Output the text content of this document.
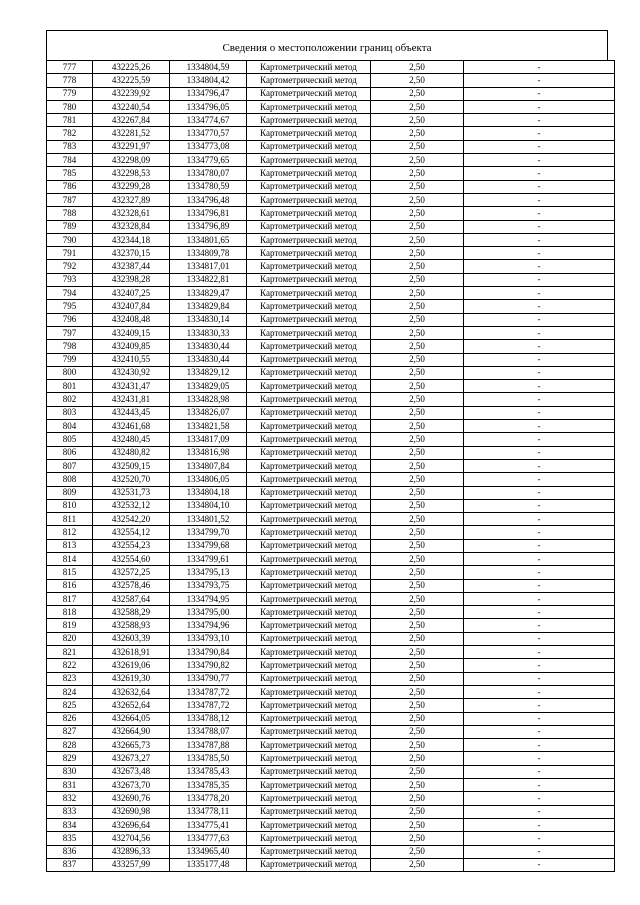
Сведения о местоположении границ объекта
777	432225,26	1334804,59	Картометрический метод	2,50	-
778	432225,59	1334804,42	Картометрический метод	2,50	-
779	432239,92	1334796,47	Картометрический метод	2,50	-
780	432240,54	1334796,05	Картометрический метод	2,50	-
781	432267,84	1334774,67	Картометрический метод	2,50	-
782	432281,52	1334770,57	Картометрический метод	2,50	-
783	432291,97	1334773,08	Картометрический метод	2,50	-
784	432298,09	1334779,65	Картометрический метод	2,50	-
785	432298,53	1334780,07	Картометрический метод	2,50	-
786	432299,28	1334780,59	Картометрический метод	2,50	-
787	432327,89	1334796,48	Картометрический метод	2,50	-
788	432328,61	1334796,81	Картометрический метод	2,50	-
789	432328,84	1334796,89	Картометрический метод	2,50	-
790	432344,18	1334801,65	Картометрический метод	2,50	-
791	432370,15	1334809,78	Картометрический метод	2,50	-
792	432387,44	1334817,01	Картометрический метод	2,50	-
793	432398,28	1334822,81	Картометрический метод	2,50	-
794	432407,25	1334829,47	Картометрический метод	2,50	-
795	432407,84	1334829,84	Картометрический метод	2,50	-
796	432408,48	1334830,14	Картометрический метод	2,50	-
797	432409,15	1334830,33	Картометрический метод	2,50	-
798	432409,85	1334830,44	Картометрический метод	2,50	-
799	432410,55	1334830,44	Картометрический метод	2,50	-
800	432430,92	1334829,12	Картометрический метод	2,50	-
801	432431,47	1334829,05	Картометрический метод	2,50	-
802	432431,81	1334828,98	Картометрический метод	2,50	-
803	432443,45	1334826,07	Картометрический метод	2,50	-
804	432461,68	1334821,58	Картометрический метод	2,50	-
805	432480,45	1334817,09	Картометрический метод	2,50	-
806	432480,82	1334816,98	Картометрический метод	2,50	-
807	432509,15	1334807,84	Картометрический метод	2,50	-
808	432520,70	1334806,05	Картометрический метод	2,50	-
809	432531,73	1334804,18	Картометрический метод	2,50	-
810	432532,12	1334804,10	Картометрический метод	2,50	-
811	432542,20	1334801,52	Картометрический метод	2,50	-
812	432554,12	1334799,70	Картометрический метод	2,50	-
813	432554,23	1334799,68	Картометрический метод	2,50	-
814	432554,60	1334799,61	Картометрический метод	2,50	-
815	432572,25	1334795,13	Картометрический метод	2,50	-
816	432578,46	1334793,75	Картометрический метод	2,50	-
817	432587,64	1334794,95	Картометрический метод	2,50	-
818	432588,29	1334795,00	Картометрический метод	2,50	-
819	432588,93	1334794,96	Картометрический метод	2,50	-
820	432603,39	1334793,10	Картометрический метод	2,50	-
821	432618,91	1334790,84	Картометрический метод	2,50	-
822	432619,06	1334790,82	Картометрический метод	2,50	-
823	432619,30	1334790,77	Картометрический метод	2,50	-
824	432632,64	1334787,72	Картометрический метод	2,50	-
825	432652,64	1334787,72	Картометрический метод	2,50	-
826	432664,05	1334788,12	Картометрический метод	2,50	-
827	432664,90	1334788,07	Картометрический метод	2,50	-
828	432665,73	1334787,88	Картометрический метод	2,50	-
829	432673,27	1334785,50	Картометрический метод	2,50	-
830	432673,48	1334785,43	Картометрический метод	2,50	-
831	432673,70	1334785,35	Картометрический метод	2,50	-
832	432690,76	1334778,20	Картометрический метод	2,50	-
833	432690,98	1334778,11	Картометрический метод	2,50	-
834	432696,64	1334775,41	Картометрический метод	2,50	-
835	432704,56	1334777,63	Картометрический метод	2,50	-
836	432896,33	1334965,40	Картометрический метод	2,50	-
837	433257,99	1335177,48	Картометрический метод	2,50	-
